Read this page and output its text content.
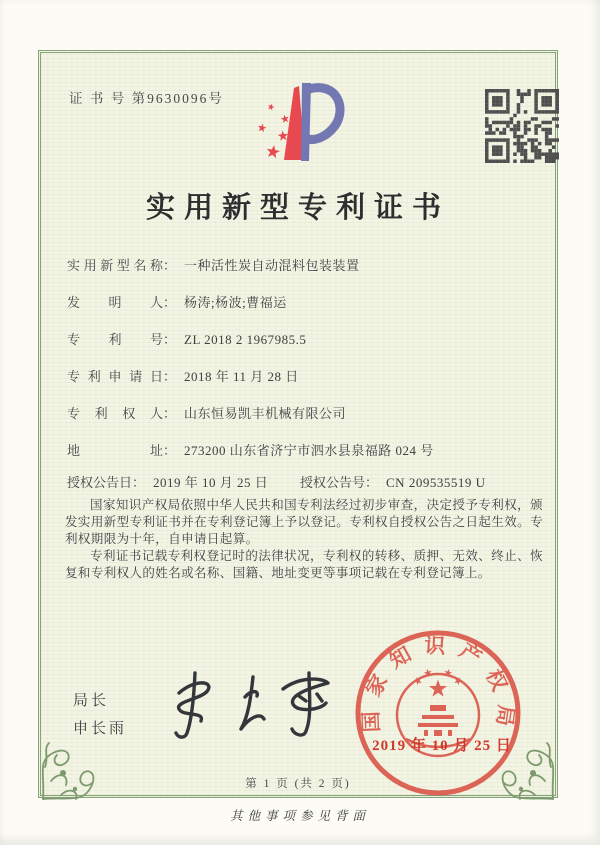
证 书 号 第9630096号
实用新型专利证书
实用新型名称： 一种活性炭自动混料包装装置
发明人： 杨涛;杨波;曹福运
专利号： ZL 2018 2 1967985.5
专利申请日： 2018 年 11 月 28 日
专利权人： 山东恒易凯丰机械有限公司
地址： 273200 山东省济宁市泗水县泉福路 024 号
授权公告日： 2019 年 10 月 25 日 授权公告号： CN 209535519 U

国家知识产权局依照中华人民共和国专利法经过初步审查，决定授予专利权，颁发实用新型专利证书并在专利登记簿上予以登记。专利权自授权公告之日起生效。专利权期限为十年，自申请日起算。

专利证书记载专利权登记时的法律状况，专利权的转移、质押、无效、终止、恢复和专利权人的姓名或名称、国籍、地址变更等事项记载在专利登记簿上。

局长
申长雨	国家知识产权局
2019 年 10 月 25 日
第 1 页 (共 2 页)
其他事项参见背面
